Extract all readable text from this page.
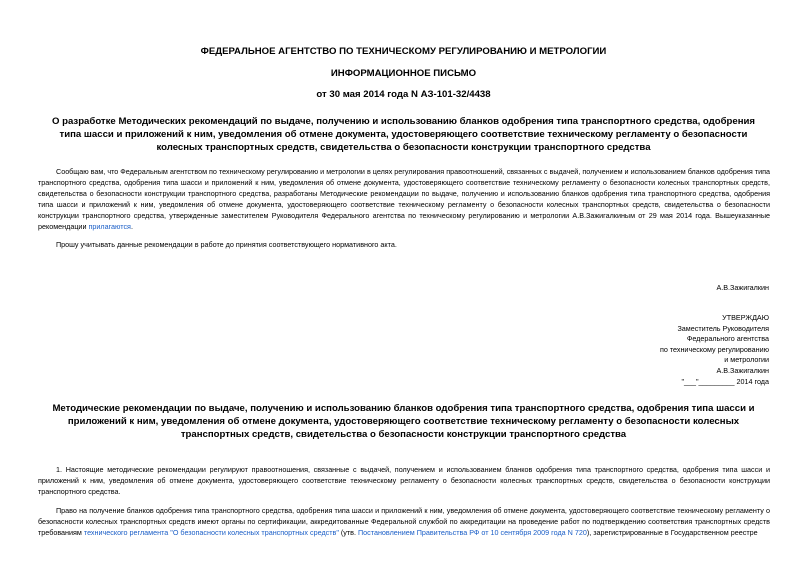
ФЕДЕРАЛЬНОЕ АГЕНТСТВО ПО ТЕХНИЧЕСКОМУ РЕГУЛИРОВАНИЮ И МЕТРОЛОГИИ
ИНФОРМАЦИОННОЕ ПИСЬМО
от 30 мая 2014 года N АЗ-101-32/4438
О разработке Методических рекомендаций по выдаче, получению и использованию бланков одобрения типа транспортного средства, одобрения типа шасси и приложений к ним, уведомления об отмене документа, удостоверяющего соответствие техническому регламенту о безопасности колесных транспортных средств, свидетельства о безопасности конструкции транспортного средства

Сообщаю вам, что Федеральным агентством по техническому регулированию и метрологии в целях регулирования правоотношений, связанных с выдачей, получением и использованием бланков одобрения типа транспортного средства, одобрения типа шасси и приложений к ним, уведомления об отмене документа, удостоверяющего соответствие техническому регламенту о безопасности колесных транспортных средств, свидетельства о безопасности конструкции транспортного средства, разработаны Методические рекомендации по выдаче, получению и использованию бланков одобрения типа транспортного средства, одобрения типа шасси и приложений к ним, уведомления об отмене документа, удостоверяющего соответствие техническому регламенту о безопасности колесных транспортных средств, свидетельства о безопасности конструкции транспортного средства, утвержденные заместителем Руководителя Федерального агентства по техническому регулированию и метрологии А.В.Зажигалкиным от 29 мая 2014 года. Вышеуказанные рекомендации прилагаются.

Прошу учитывать данные рекомендации в работе до принятия соответствующего нормативного акта.

А.В.Зажигалкин
УТВЕРЖДАЮ
Заместитель Руководителя
Федерального агентства
по техническому регулированию
и метрологии
А.В.Зажигалкин
"___"_________ 2014 года
Методические рекомендации по выдаче, получению и использованию бланков одобрения типа транспортного средства, одобрения типа шасси и приложений к ним, уведомления об отмене документа, удостоверяющего соответствие техническому регламенту о безопасности колесных транспортных средств, свидетельства о безопасности конструкции транспортного средства

1. Настоящие методические рекомендации регулируют правоотношения, связанные с выдачей, получением и использованием бланков одобрения типа транспортного средства, одобрения типа шасси и приложений к ним, уведомления об отмене документа, удостоверяющего соответствие техническому регламенту о безопасности колесных транспортных средств, свидетельства о безопасности конструкции транспортного средства.

Право на получение бланков одобрения типа транспортного средства, одобрения типа шасси и приложений к ним, уведомления об отмене документа, удостоверяющего соответствие техническому регламенту о безопасности колесных транспортных средств имеют органы по сертификации, аккредитованные Федеральной службой по аккредитации на проведение работ по подтверждению соответствия транспортных средств требованиям технического регламента "О безопасности колесных транспортных средств" (утв. Постановлением Правительства РФ от 10 сентября 2009 года N 720), зарегистрированные в Государственном реестре
